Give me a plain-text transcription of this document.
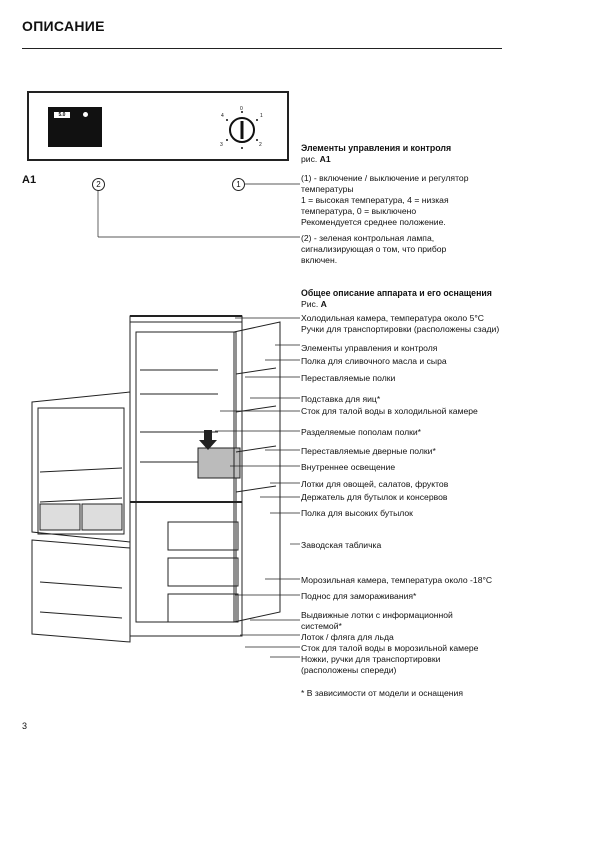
ОПИСАНИЕ
5.0	4
0
1
3	2
А1	2	1
Элементы управления и контроля
рис. А1
(1) - включение / выключение и регулятор температуры
1 = высокая температура, 4 = низкая температура, 0 = выключено
Рекомендуется среднее положение.
(2) - зеленая контрольная лампа, сигнализирующая о том, что прибор включен.
Общее описание аппарата и его оснащения
Рис. А
Холодильная камера, температура около 5°C
Ручки для транспортировки (расположены сзади)
Элементы управления и контроля
Полка для сливочного масла и сыра
Переставляемые полки
Подставка для яиц*
Сток для талой воды в холодильной камере
Разделяемые пополам полки*
Переставляемые дверные полки*
Внутреннее освещение
Лотки для овощей, салатов, фруктов
Держатель для бутылок и консервов
Полка для высоких бутылок
Заводская табличка
Морозильная камера, температура около -18°C
Поднос для замораживания*
Выдвижные лотки с информационной системой*
Лоток / фляга для льда
Сток для талой воды в морозильной камере
Ножки, ручки для транспортировки (расположены спереди)
* В зависимости от модели и оснащения
3
